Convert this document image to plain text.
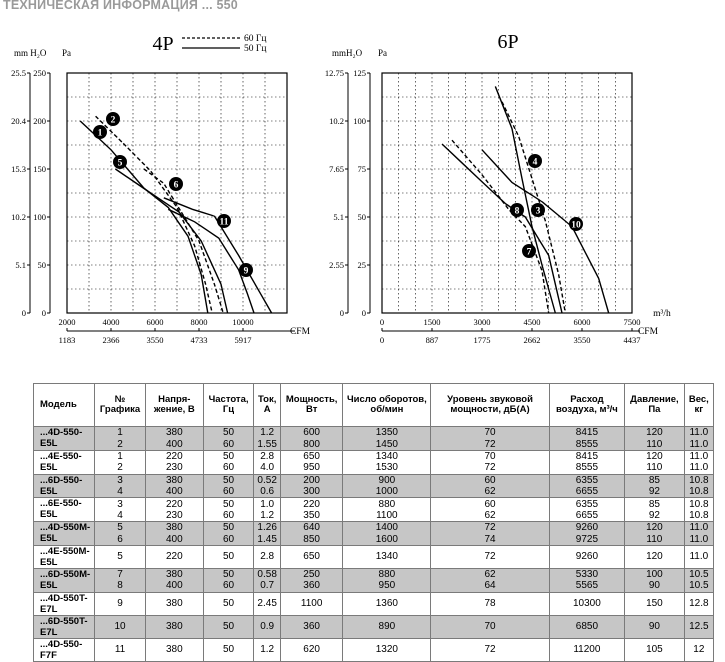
ТЕХНИЧЕСКАЯ ИНФОРМАЦИЯ ... 550
25.5
20.4
15.3
10.2
5.1
0
250
200
150
100
50
0
2000	4000	6000	8000	10000
1183	2366	3550	4733	5917
CFM
mm H₂O Pa	4P	60 Гц
50 Гц
1
2
5
6
11
9
12.75
10.2
7.65
5.1
2.55
0
125
100
75
50
25
0
0	1500	3000	4500	6000	7500
0	887	1775	2662	3550	4437
CFM
m³/h
mmH₂O Pa	6P
4
8 3
10
7
Модель	№ Графика	Напря-жение, В	Частота, Гц	Ток, А	Мощность, Вт	Число оборотов, об/мин	Уровень звуковой мощности, дБ(А)	Расход воздуха, м³/ч	Давление, Па	Вес, кг
...4D-550-E5L	1	380	50	1.2	600	1350	70	8415	120	11.0
	2	400	60	1.55	800	1450	72	8555	110	11.0
...4E-550-E5L	1	220	50	2.8	650	1340	70	8415	120	11.0
	2	230	60	4.0	950	1530	72	8555	110	11.0
...6D-550-E5L	3	380	50	0.52	200	900	60	6355	85	10.8
	4	400	60	0.6	300	1000	62	6655	92	10.8
...6E-550-E5L	3	220	50	1.0	220	880	60	6355	85	10.8
	4	230	60	1.2	350	1100	62	6655	92	10.8
...4D-550M-E5L	5	380	50	1.26	640	1400	72	9260	120	11.0
	6	400	60	1.45	850	1600	74	9725	110	11.0
...4E-550M-E5L	5	220	50	2.8	650	1340	72	9260	120	11.0
...6D-550M-E5L	7	380	50	0.58	250	880	62	5330	100	10.5
	8	400	60	0.7	360	950	64	5565	90	10.5
...4D-550T-E7L	9	380	50	2.45	1100	1360	78	10300	150	12.8
...6D-550T-E7L	10	380	50	0.9	360	890	70	6850	90	12.5
...4D-550-F7F	11	380	50	1.2	620	1320	72	11200	105	12
